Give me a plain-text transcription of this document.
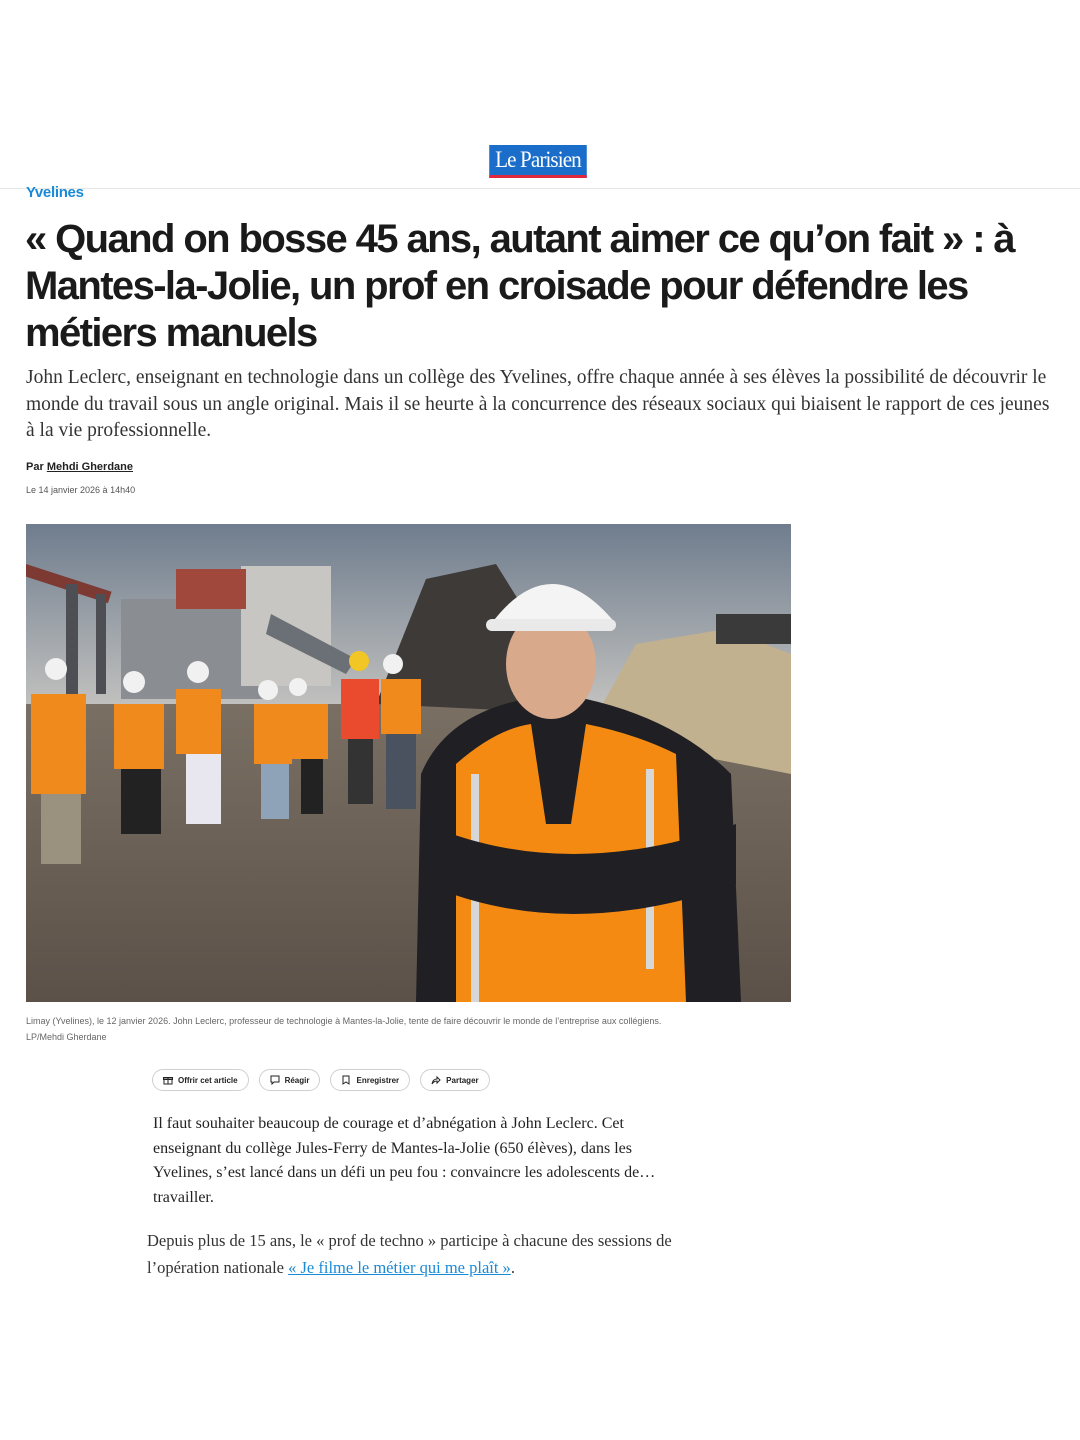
Le Parisien
Yvelines
« Quand on bosse 45 ans, autant aimer ce qu’on fait » : à Mantes-la-Jolie, un prof en croisade pour défendre les métiers manuels

John Leclerc, enseignant en technologie dans un collège des Yvelines, offre chaque année à ses élèves la possibilité de découvrir le monde du travail sous un angle original. Mais il se heurte à la concurrence des réseaux sociaux qui biaisent le rapport de ces jeunes à la vie professionnelle.

Par Mehdi Gherdane
Le 14 janvier 2026 à 14h40
Limay (Yvelines), le 12 janvier 2026. John Leclerc, professeur de technologie à Mantes-la-Jolie, tente de faire découvrir le monde de l’entreprise aux collégiens.
LP/Mehdi Gherdane
Offrir cet article	Réagir	Enregistrer	Partager

Il faut souhaiter beaucoup de courage et d’abnégation à John Leclerc. Cet enseignant du collège Jules-Ferry de Mantes-la-Jolie (650 élèves), dans les Yvelines, s’est lancé dans un défi un peu fou : convaincre les adolescents de… travailler.

Depuis plus de 15 ans, le « prof de techno » participe à chacune des sessions de l’opération nationale « Je filme le métier qui me plaît ».
